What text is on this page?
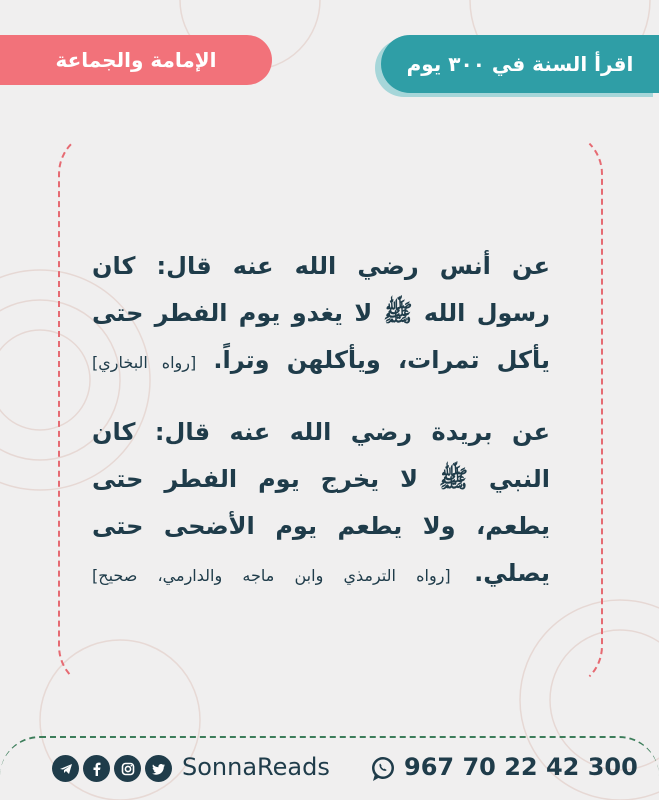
اقرأ السنة في ٣٠٠ يوم
الإمامة والجماعة
عن أنس رضي الله عنه قال: كان رسول الله ﷺ لا يغدو يوم الفطر حتى يأكل تمرات، ويأكلهن وتراً. [رواه البخاري]
عن بريدة رضي الله عنه قال: كان النبي ﷺ لا يخرج يوم الفطر حتى يطعم، ولا يطعم يوم الأضحى حتى يصلي. [رواه الترمذي وابن ماجه والدارمي، صحيح]
SonnaReads	967 70 22 42 300
